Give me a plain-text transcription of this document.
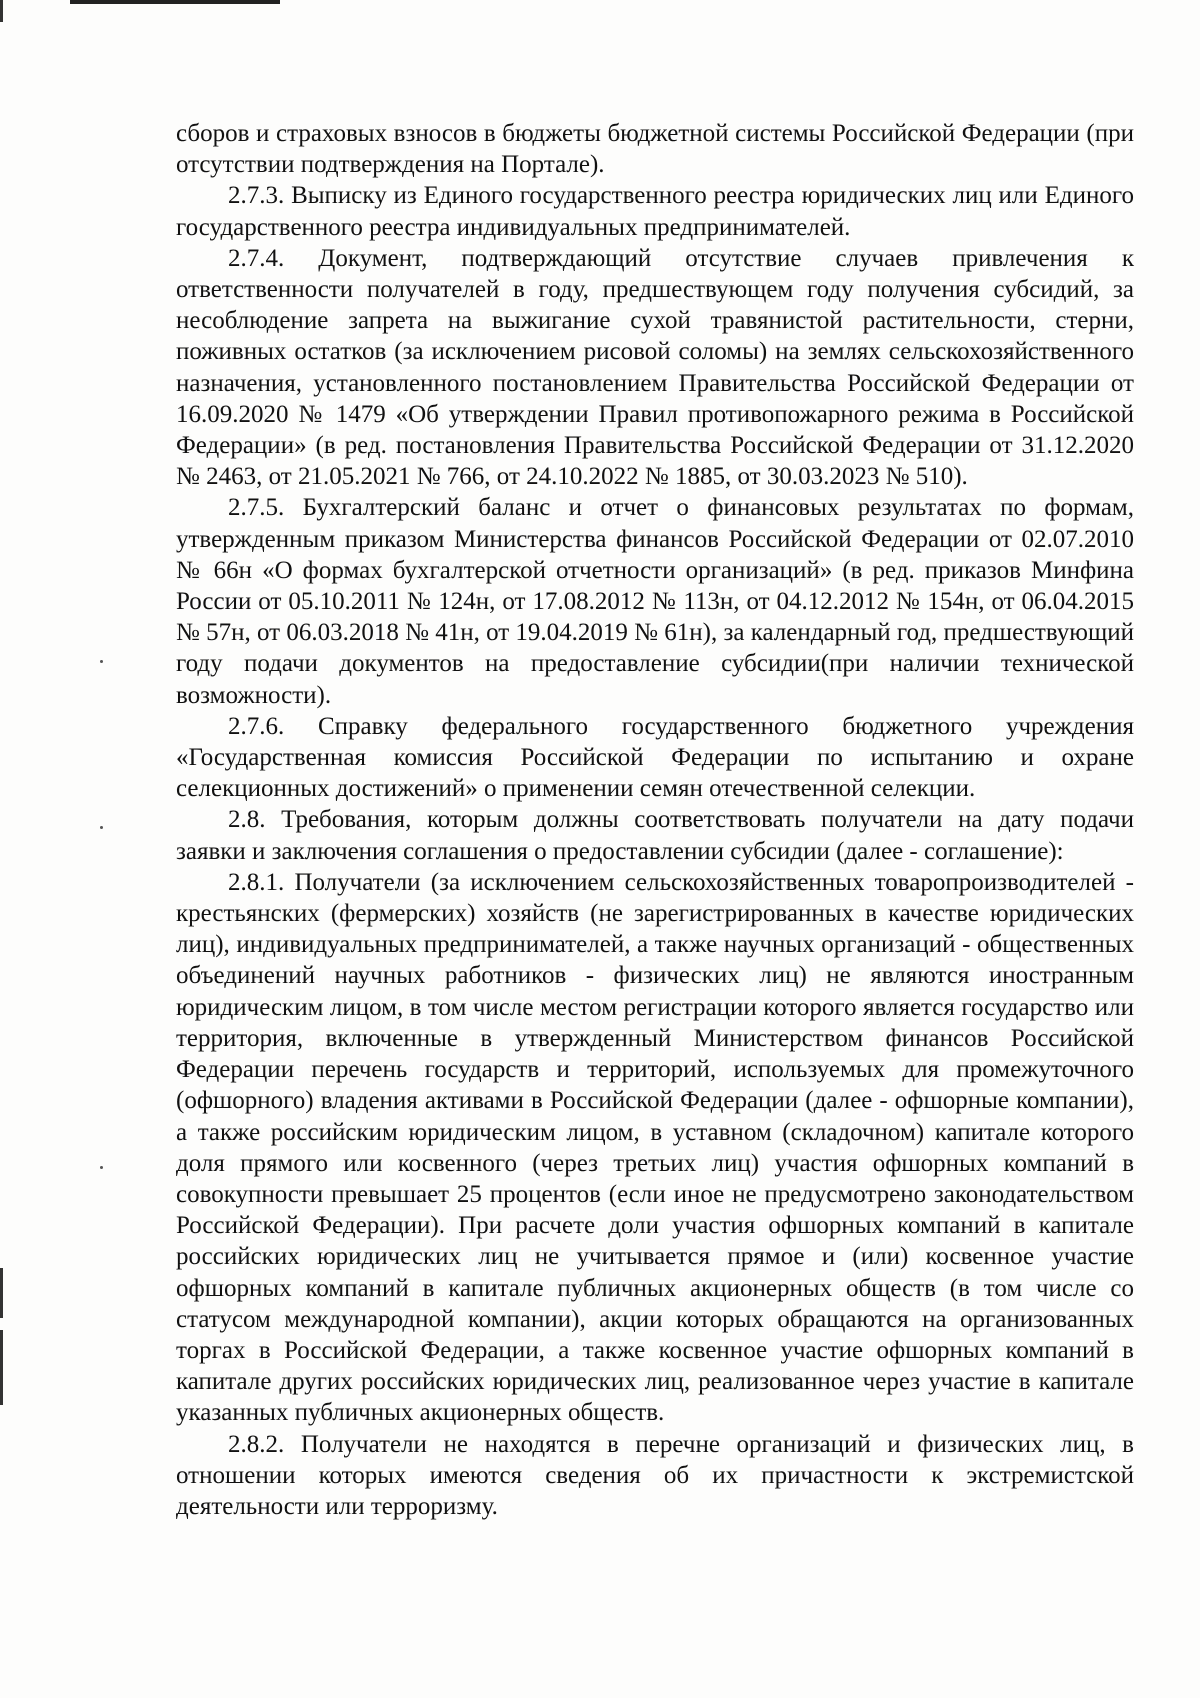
сборов и страховых взносов в бюджеты бюджетной системы Российской Федерации (при отсутствии подтверждения на Портале).

2.7.3. Выписку из Единого государственного реестра юридических лиц или Единого государственного реестра индивидуальных предпринимателей.

2.7.4. Документ, подтверждающий отсутствие случаев привлечения к ответственности получателей в году, предшествующем году получения субсидий, за несоблюдение запрета на выжигание сухой травянистой растительности, стерни, поживных остатков (за исключением рисовой соломы) на землях сельскохозяйственного назначения, установленного постановлением Правительства Российской Федерации от 16.09.2020 № 1479 «Об утверждении Правил противопожарного режима в Российской Федерации» (в ред. постановления Правительства Российской Федерации от 31.12.2020 № 2463, от 21.05.2021 № 766, от 24.10.2022 № 1885, от 30.03.2023 № 510).

2.7.5. Бухгалтерский баланс и отчет о финансовых результатах по формам, утвержденным приказом Министерства финансов Российской Федерации от 02.07.2010 № 66н «О формах бухгалтерской отчетности организаций» (в ред. приказов Минфина России от 05.10.2011 № 124н, от 17.08.2012 № 113н, от 04.12.2012 № 154н, от 06.04.2015 № 57н, от 06.03.2018 № 41н, от 19.04.2019 № 61н), за календарный год, предшествующий году подачи документов на предоставление субсидии(при наличии технической возможности).

2.7.6. Справку федерального государственного бюджетного учреждения «Государственная комиссия Российской Федерации по испытанию и охране селекционных достижений» о применении семян отечественной селекции.

2.8. Требования, которым должны соответствовать получатели на дату подачи заявки и заключения соглашения о предоставлении субсидии (далее - соглашение):

2.8.1. Получатели (за исключением сельскохозяйственных товаропроизводителей - крестьянских (фермерских) хозяйств (не зарегистрированных в качестве юридических лиц), индивидуальных предпринимателей, а также научных организаций - общественных объединений научных работников - физических лиц) не являются иностранным юридическим лицом, в том числе местом регистрации которого является государство или территория, включенные в утвержденный Министерством финансов Российской Федерации перечень государств и территорий, используемых для промежуточного (офшорного) владения активами в Российской Федерации (далее - офшорные компании), а также российским юридическим лицом, в уставном (складочном) капитале которого доля прямого или косвенного (через третьих лиц) участия офшорных компаний в совокупности превышает 25 процентов (если иное не предусмотрено законодательством Российской Федерации). При расчете доли участия офшорных компаний в капитале российских юридических лиц не учитывается прямое и (или) косвенное участие офшорных компаний в капитале публичных акционерных обществ (в том числе со статусом международной компании), акции которых обращаются на организованных торгах в Российской Федерации, а также косвенное участие офшорных компаний в капитале других российских юридических лиц, реализованное через участие в капитале указанных публичных акционерных обществ.

2.8.2. Получатели не находятся в перечне организаций и физических лиц, в отношении которых имеются сведения об их причастности к экстремистской деятельности или терроризму.
